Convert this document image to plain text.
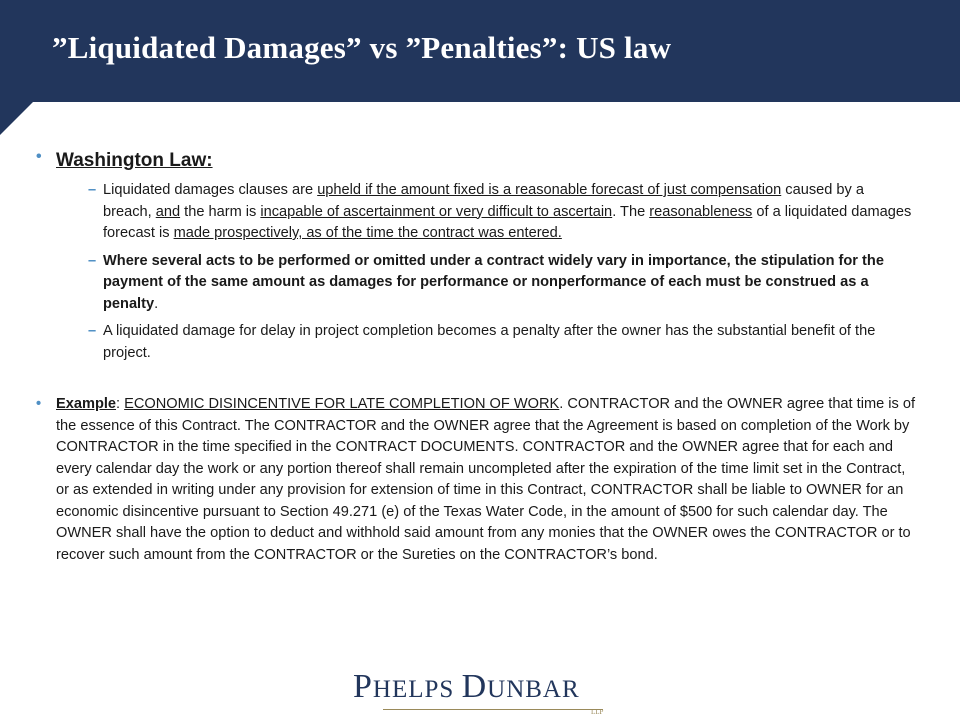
”Liquidated Damages” vs ”Penalties”: US law
• Washington Law:
– Liquidated damages clauses are upheld if the amount fixed is a reasonable forecast of just compensation caused by a breach, and the harm is incapable of ascertainment or very difficult to ascertain. The reasonableness of a liquidated damages forecast is made prospectively, as of the time the contract was entered.
– Where several acts to be performed or omitted under a contract widely vary in importance, the stipulation for the payment of the same amount as damages for performance or nonperformance of each must be construed as a penalty.
– A liquidated damage for delay in project completion becomes a penalty after the owner has the substantial benefit of the project.
• Example: ECONOMIC DISINCENTIVE FOR LATE COMPLETION OF WORK. CONTRACTOR and the OWNER agree that time is of the essence of this Contract. The CONTRACTOR and the OWNER agree that the Agreement is based on completion of the Work by CONTRACTOR in the time specified in the CONTRACT DOCUMENTS. CONTRACTOR and the OWNER agree that for each and every calendar day the work or any portion thereof shall remain uncompleted after the expiration of the time limit set in the Contract, or as extended in writing under any provision for extension of time in this Contract, CONTRACTOR shall be liable to OWNER for an economic disincentive pursuant to Section 49.271 (e) of the Texas Water Code, in the amount of $500 for such calendar day. The OWNER shall have the option to deduct and withhold said amount from any monies that the OWNER owes the CONTRACTOR or to recover such amount from the CONTRACTOR or the Sureties on the CONTRACTOR’s bond.
PHELPS DUNBAR
LLP
